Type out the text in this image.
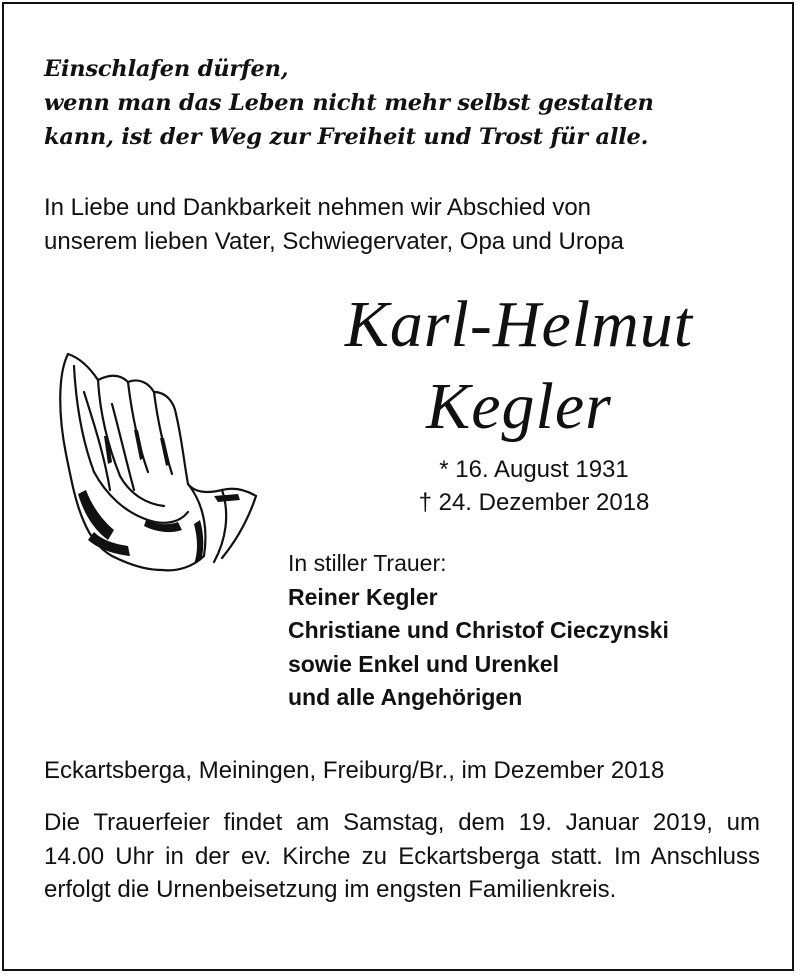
Einschlafen dürfen,
wenn man das Leben nicht mehr selbst gestalten
kann, ist der Weg zur Freiheit und Trost für alle.
In Liebe und Dankbarkeit nehmen wir Abschied von
unserem lieben Vater, Schwiegervater, Opa und Uropa
Karl-Helmut
Kegler
* 16. August 1931
† 24. Dezember 2018
In stiller Trauer:
Reiner Kegler
Christiane und Christof Cieczynski
sowie Enkel und Urenkel
und alle Angehörigen
Eckartsberga, Meiningen, Freiburg/Br., im Dezember 2018
Die Trauerfeier findet am Samstag, dem 19. Januar 2019, um 14.00 Uhr in der ev. Kirche zu Eckartsberga statt. Im Anschluss erfolgt die Urnenbeisetzung im engsten Familienkreis.
